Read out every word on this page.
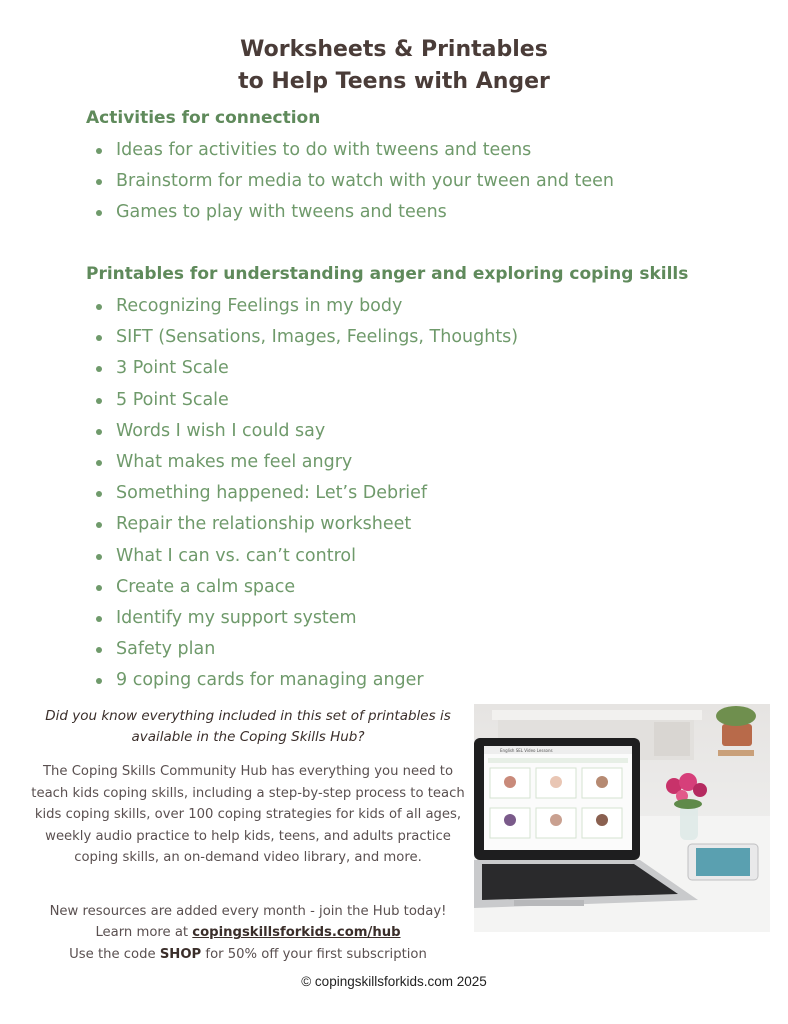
Worksheets & Printables
to Help Teens with Anger
Activities for connection
Ideas for activities to do with tweens and teens
Brainstorm for media to watch with your tween and teen
Games to play with tweens and teens
Printables for understanding anger and exploring coping skills
Recognizing Feelings in my body
SIFT (Sensations, Images, Feelings, Thoughts)
3 Point Scale
5 Point Scale
Words I wish I could say
What makes me feel angry
Something happened: Let’s Debrief
Repair the relationship worksheet
What I can vs. can’t control
Create a calm space
Identify my support system
Safety plan
9 coping cards for managing anger
Did you know everything included in this set of printables is available in the Coping Skills Hub?
The Coping Skills Community Hub has everything you need to teach kids coping skills, including a step-by-step process to teach kids coping skills, over 100 coping strategies for kids of all ages, weekly audio practice to help kids, teens, and adults practice coping skills, an on-demand video library, and more.
New resources are added every month - join the Hub today!
Learn more at copingskillsforkids.com/hub
Use the code SHOP for 50% off your first subscription
English SEL Video Lessons
© copingskillsforkids.com 2025
